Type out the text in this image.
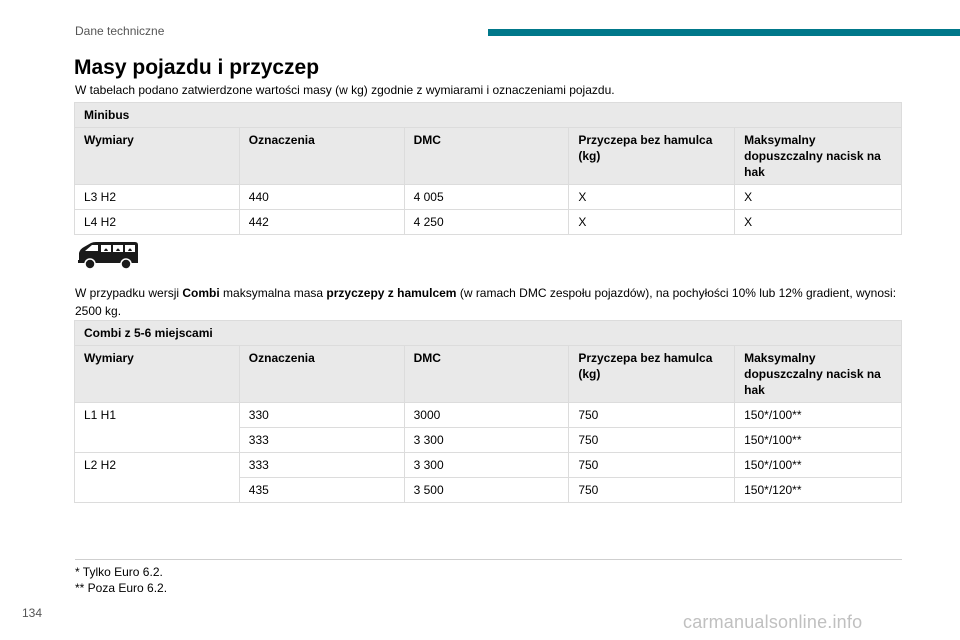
Dane techniczne
Masy pojazdu i przyczep

W tabelach podano zatwierdzone wartości masy (w kg) zgodnie z wymiarami i oznaczeniami pojazdu.

Minibus				
Wymiary	Oznaczenia	DMC	Przyczepa bez hamulca (kg)	Maksymalny dopuszczalny nacisk na hak
L3 H2	440	4 005	X	X
L4 H2	442	4 250	X	X

W przypadku wersji Combi maksymalna masa przyczepy z hamulcem (w ramach DMC zespołu pojazdów), na pochyłości 10% lub 12% gradient, wynosi: 2500 kg.

Combi z 5-6 miejscami				
Wymiary	Oznaczenia	DMC	Przyczepa bez hamulca (kg)	Maksymalny dopuszczalny nacisk na hak
L1 H1	330	3000	750	150*/100**
	333	3 300	750	150*/100**
L2 H2	333	3 300	750	150*/100**
	435	3 500	750	150*/120**
* Tylko Euro 6.2.
** Poza Euro 6.2.
134	carmanualsonline.info
